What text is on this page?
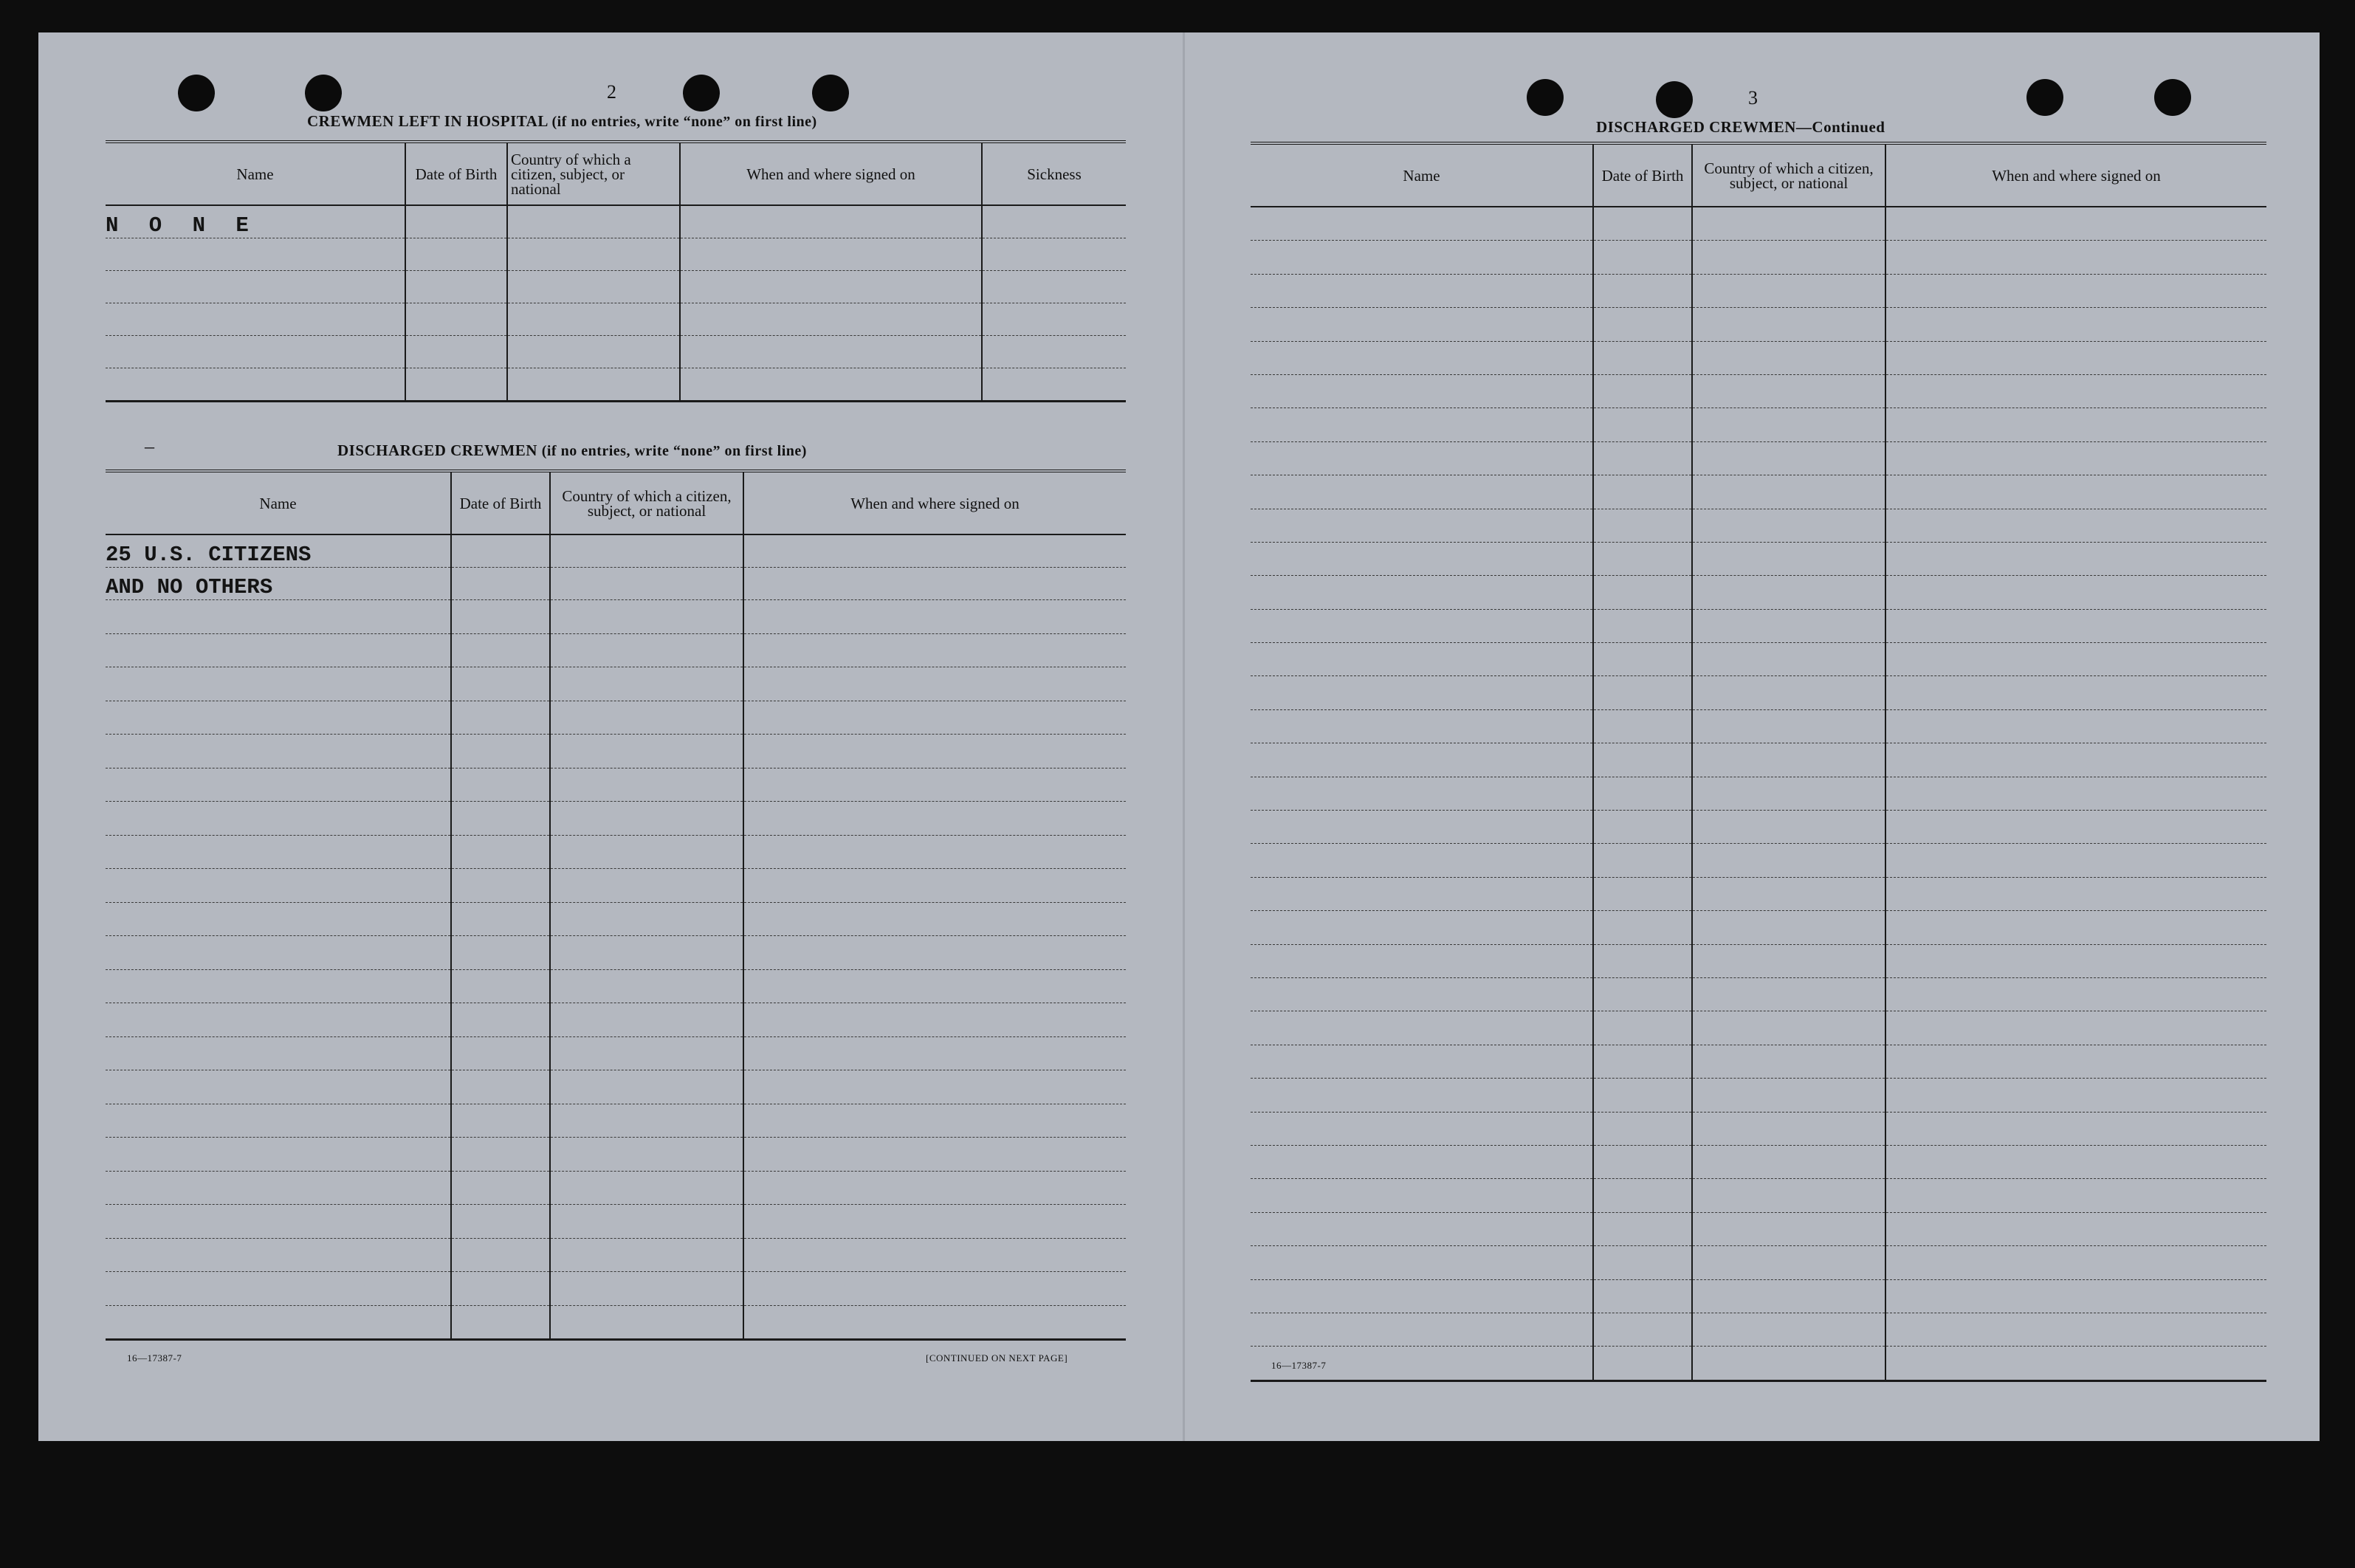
2
CREWMEN LEFT IN HOSPITAL (if no entries, write “none” on first line)
Name	Date of Birth	Country of which a citizen, subject, or national	When and where signed on	Sickness
N O N E				

–	DISCHARGED CREWMEN (if no entries, write “none” on first line)
Name	Date of Birth	Country of which a citizen, subject, or national	When and where signed on
25 U.S. CITIZENS			
AND NO OTHERS			

16—17387-7	[CONTINUED ON NEXT PAGE]
3
DISCHARGED CREWMEN—Continued
Name	Date of Birth	Country of which a citizen, subject, or national	When and where signed on

16—17387-7
